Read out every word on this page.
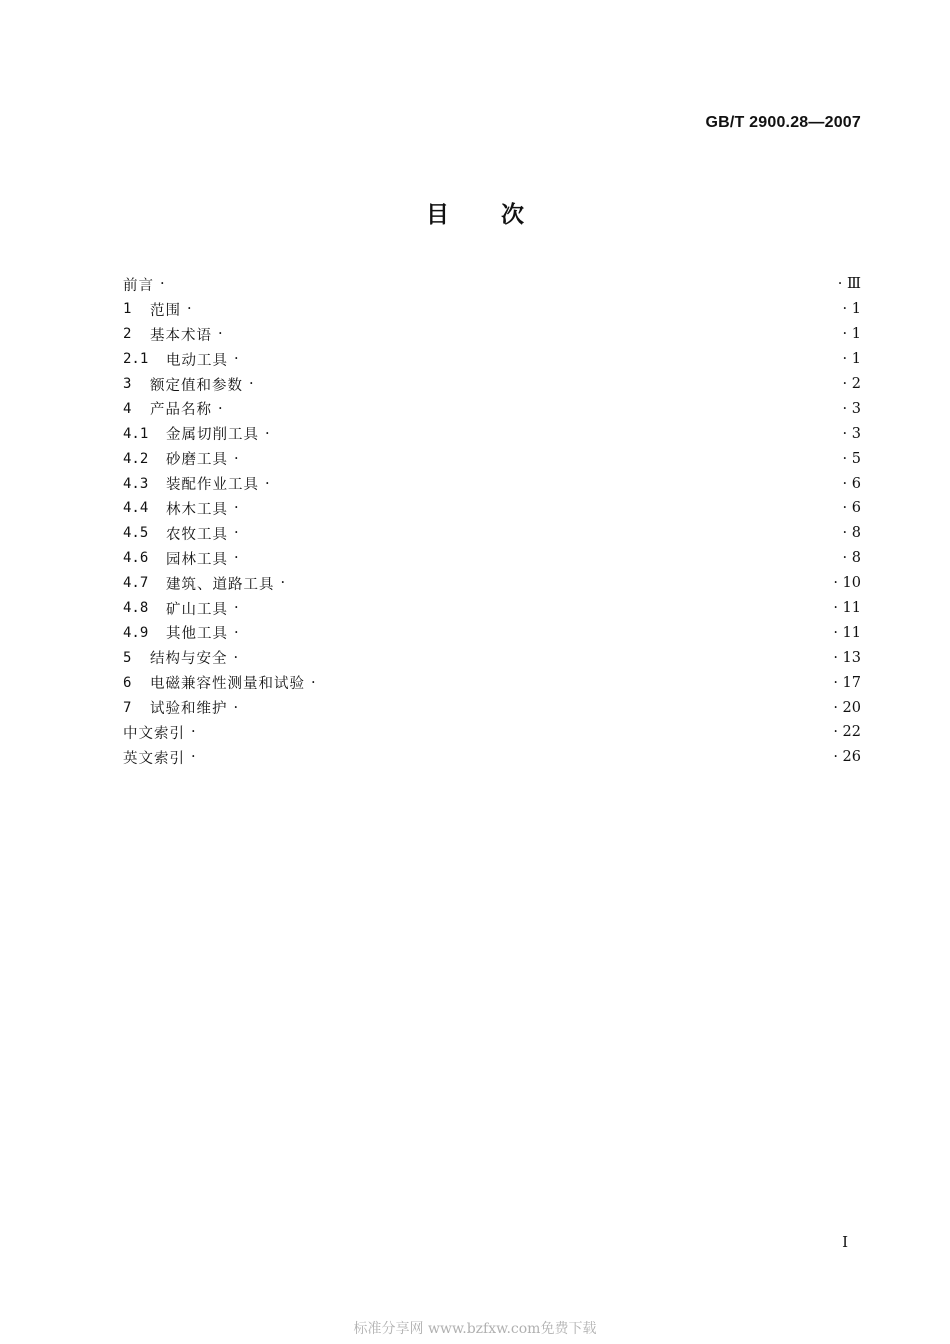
GB/T 2900.28—2007
目 次
前言 ·	· Ⅲ
1	范围 ·	· 1
2	基本术语 ·	· 1
2.1	电动工具 ·	· 1
3	额定值和参数 ·	· 2
4	产品名称 ·	· 3
4.1	金属切削工具 ·	· 3
4.2	砂磨工具 ·	· 5
4.3	装配作业工具 ·	· 6
4.4	林木工具 ·	· 6
4.5	农牧工具 ·	· 8
4.6	园林工具 ·	· 8
4.7	建筑、道路工具 ·	· 10
4.8	矿山工具 ·	· 11
4.9	其他工具 ·	· 11
5	结构与安全 ·	· 13
6	电磁兼容性测量和试验 ·	· 17
7	试验和维护 ·	· 20
中文索引 ·	· 22
英文索引 ·	· 26
I
标准分享网 www.bzfxw.com免费下载
